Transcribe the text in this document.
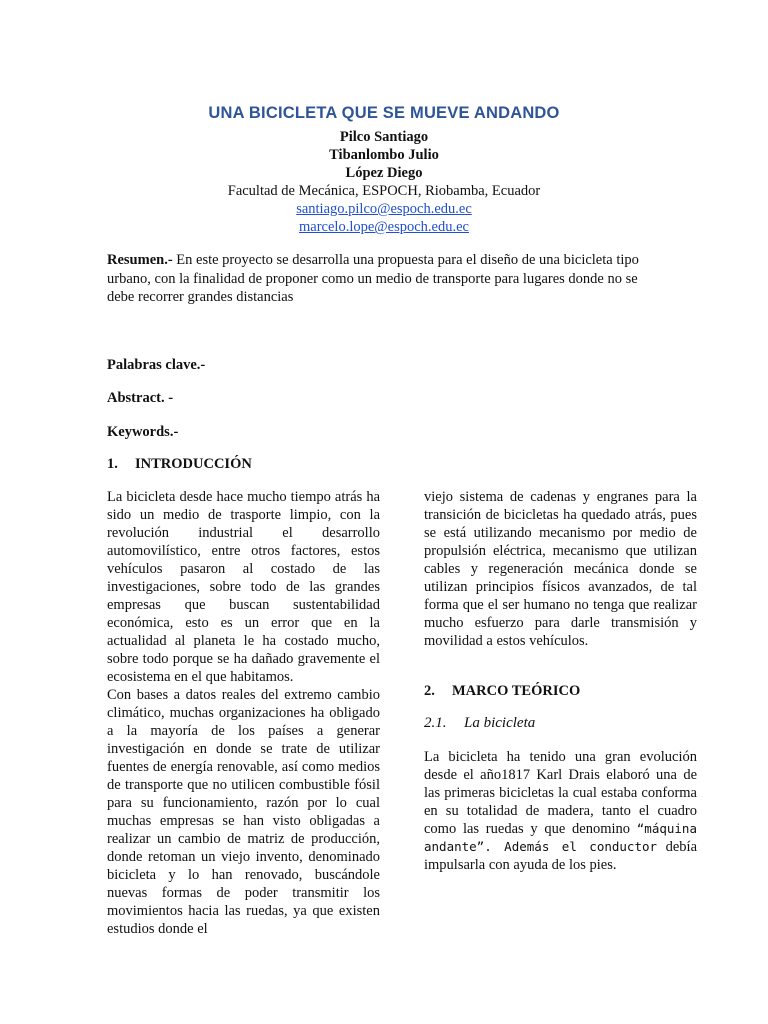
UNA BICICLETA QUE SE MUEVE ANDANDO
Pilco Santiago
Tibanlombo Julio
López Diego
Facultad de Mecánica, ESPOCH, Riobamba, Ecuador
santiago.pilco@espoch.edu.ec
marcelo.lope@espoch.edu.ec
Resumen.- En este proyecto se desarrolla una propuesta para el diseño de una bicicleta tipo urbano, con la finalidad de proponer como un medio de transporte para lugares donde no se debe recorrer grandes distancias
Palabras clave.-
Abstract. -
Keywords.-
1. INTRODUCCIÓN

La bicicleta desde hace mucho tiempo atrás ha sido un medio de trasporte limpio, con la revolución industrial el desarrollo automovilístico, entre otros factores, estos vehículos pasaron al costado de las investigaciones, sobre todo de las grandes empresas que buscan sustentabilidad económica, esto es un error que en la actualidad al planeta le ha costado mucho, sobre todo porque se ha dañado gravemente el ecosistema en el que habitamos.

Con bases a datos reales del extremo cambio climático, muchas organizaciones ha obligado a la mayoría de los países a generar investigación en donde se trate de utilizar fuentes de energía renovable, así como medios de transporte que no utilicen combustible fósil para su funcionamiento, razón por lo cual muchas empresas se han visto obligadas a realizar un cambio de matriz de producción, donde retoman un viejo invento, denominado bicicleta y lo han renovado, buscándole nuevas formas de poder transmitir los movimientos hacia las ruedas, ya que existen estudios donde el

viejo sistema de cadenas y engranes para la transición de bicicletas ha quedado atrás, pues se está utilizando mecanismo por medio de propulsión eléctrica, mecanismo que utilizan cables y regeneración mecánica donde se utilizan principios físicos avanzados, de tal forma que el ser humano no tenga que realizar mucho esfuerzo para darle transmisión y movilidad a estos vehículos.

2. MARCO TEÓRICO
2.1. La bicicleta

La bicicleta ha tenido una gran evolución desde el año1817 Karl Drais elaboró una de las primeras bicicletas la cual estaba conforma en su totalidad de madera, tanto el cuadro como las ruedas y que denomino “máquina andante”. Además el conductor debía impulsarla con ayuda de los pies.
